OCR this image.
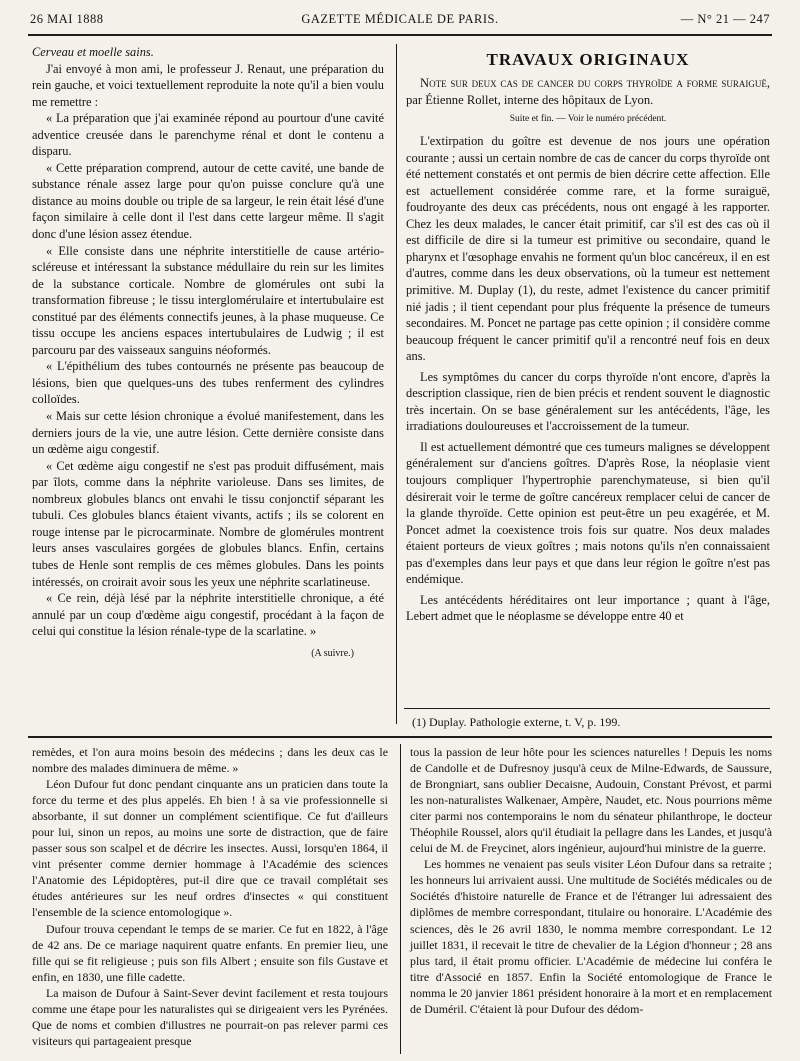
26 MAI 1888	GAZETTE MÉDICALE DE PARIS.	— N° 21 — 247

Cerveau et moelle sains.

J'ai envoyé à mon ami, le professeur J. Renaut, une préparation du rein gauche, et voici textuellement reproduite la note qu'il a bien voulu me remettre :

« La préparation que j'ai examinée répond au pourtour d'une cavité adventice creusée dans le parenchyme rénal et dont le contenu a disparu.

« Cette préparation comprend, autour de cette cavité, une bande de substance rénale assez large pour qu'on puisse conclure qu'à une distance au moins double ou triple de sa largeur, le rein était lésé d'une façon similaire à celle dont il l'est dans cette largeur même. Il s'agit donc d'une lésion assez étendue.

« Elle consiste dans une néphrite interstitielle de cause artério-scléreuse et intéressant la substance médullaire du rein sur les limites de la substance corticale. Nombre de glomérules ont subi la transformation fibreuse ; le tissu interglomérulaire et intertubulaire est constitué par des éléments connectifs jeunes, à la phase muqueuse. Ce tissu occupe les anciens espaces intertubulaires de Ludwig ; il est parcouru par des vaisseaux sanguins néoformés.

« L'épithélium des tubes contournés ne présente pas beaucoup de lésions, bien que quelques-uns des tubes renferment des cylindres colloïdes.

« Mais sur cette lésion chronique a évolué manifestement, dans les derniers jours de la vie, une autre lésion. Cette dernière consiste dans un œdème aigu congestif.

« Cet œdème aigu congestif ne s'est pas produit diffusément, mais par îlots, comme dans la néphrite varioleuse. Dans ses limites, de nombreux globules blancs ont envahi le tissu conjonctif séparant les tubuli. Ces globules blancs étaient vivants, actifs ; ils se colorent en rouge intense par le picrocarminate. Nombre de glomérules montrent leurs anses vasculaires gorgées de globules blancs. Enfin, certains tubes de Henle sont remplis de ces mêmes globules. Dans les points intéressés, on croirait avoir sous les yeux une néphrite scarlatineuse.

« Ce rein, déjà lésé par la néphrite interstitielle chronique, a été annulé par un coup d'œdème aigu congestif, procédant à la façon de celui qui constitue la lésion rénale-type de la scarlatine. »

(A suivre.)
TRAVAUX ORIGINAUX

Note sur deux cas de cancer du corps thyroïde a forme suraiguë, par Étienne Rollet, interne des hôpitaux de Lyon.

Suite et fin. — Voir le numéro précédent.

L'extirpation du goître est devenue de nos jours une opération courante ; aussi un certain nombre de cas de cancer du corps thyroïde ont été nettement constatés et ont permis de bien décrire cette affection. Elle est actuellement considérée comme rare, et la forme suraiguë, foudroyante des deux cas précédents, nous ont engagé à les rapporter. Chez les deux malades, le cancer était primitif, car s'il est des cas où il est difficile de dire si la tumeur est primitive ou secondaire, quand le pharynx et l'œsophage envahis ne forment qu'un bloc cancéreux, il en est d'autres, comme dans les deux observations, où la tumeur est nettement primitive. M. Duplay (1), du reste, admet l'existence du cancer primitif nié jadis ; il tient cependant pour plus fréquente la présence de tumeurs secondaires. M. Poncet ne partage pas cette opinion ; il considère comme beaucoup fréquent le cancer primitif qu'il a rencontré neuf fois en deux ans.

Les symptômes du cancer du corps thyroïde n'ont encore, d'après la description classique, rien de bien précis et rendent souvent le diagnostic très incertain. On se base généralement sur les antécédents, l'âge, les irradiations douloureuses et l'accroissement de la tumeur.

Il est actuellement démontré que ces tumeurs malignes se développent généralement sur d'anciens goîtres. D'après Rose, la néoplasie vient toujours compliquer l'hypertrophie parenchymateuse, si bien qu'il désirerait voir le terme de goître cancéreux remplacer celui de cancer de la glande thyroïde. Cette opinion est peut-être un peu exagérée, et M. Poncet admet la coexistence trois fois sur quatre. Nos deux malades étaient porteurs de vieux goîtres ; mais notons qu'ils n'en connaissaient pas d'exemples dans leur pays et que dans leur région le goître n'est pas endémique.

Les antécédents héréditaires ont leur importance ; quant à l'âge, Lebert admet que le néoplasme se développe entre 40 et

(1) Duplay. Pathologie externe, t. V, p. 199.

remèdes, et l'on aura moins besoin des médecins ; dans les deux cas le nombre des malades diminuera de même. »

Léon Dufour fut donc pendant cinquante ans un praticien dans toute la force du terme et des plus appelés. Eh bien ! à sa vie professionnelle si absorbante, il sut donner un complément scientifique. Ce fut d'ailleurs pour lui, sinon un repos, au moins une sorte de distraction, que de faire passer sous son scalpel et de décrire les insectes. Aussi, lorsqu'en 1864, il vint présenter comme dernier hommage à l'Académie des sciences l'Anatomie des Lépidoptères, put-il dire que ce travail complétait ses études antérieures sur les neuf ordres d'insectes « qui constituent l'ensemble de la science entomologique ».

Dufour trouva cependant le temps de se marier. Ce fut en 1822, à l'âge de 42 ans. De ce mariage naquirent quatre enfants. En premier lieu, une fille qui se fit religieuse ; puis son fils Albert ; ensuite son fils Gustave et enfin, en 1830, une fille cadette.

La maison de Dufour à Saint-Sever devint facilement et resta toujours comme une étape pour les naturalistes qui se dirigeaient vers les Pyrénées. Que de noms et combien d'illustres ne pourrait-on pas relever parmi ces visiteurs qui partageaient presque

tous la passion de leur hôte pour les sciences naturelles ! Depuis les noms de Candolle et de Dufresnoy jusqu'à ceux de Milne-Edwards, de Saussure, de Brongniart, sans oublier Decaisne, Audouin, Constant Prévost, et parmi les non-naturalistes Walkenaer, Ampère, Naudet, etc. Nous pourrions même citer parmi nos contemporains le nom du sénateur philanthrope, le docteur Théophile Roussel, alors qu'il étudiait la pellagre dans les Landes, et jusqu'à celui de M. de Freycinet, alors ingénieur, aujourd'hui ministre de la guerre.

Les hommes ne venaient pas seuls visiter Léon Dufour dans sa retraite ; les honneurs lui arrivaient aussi. Une multitude de Sociétés médicales ou de Sociétés d'histoire naturelle de France et de l'étranger lui adressaient des diplômes de membre correspondant, titulaire ou honoraire. L'Académie des sciences, dès le 26 avril 1830, le nomma membre correspondant. Le 12 juillet 1831, il recevait le titre de chevalier de la Légion d'honneur ; 28 ans plus tard, il était promu officier. L'Académie de médecine lui conféra le titre d'Associé en 1857. Enfin la Société entomologique de France le nomma le 20 janvier 1861 président honoraire à la mort et en remplacement de Duméril. C'étaient là pour Dufour des dédom-
